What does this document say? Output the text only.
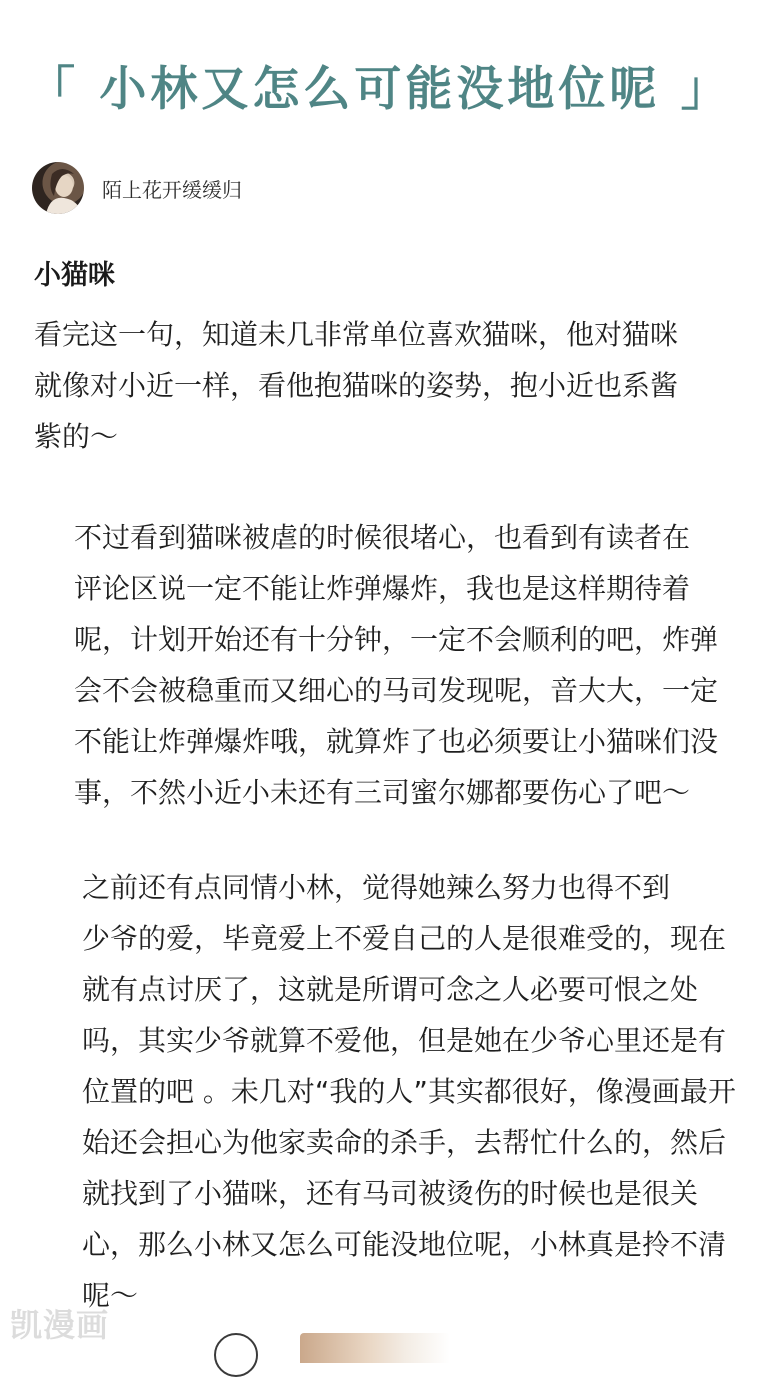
「 小林又怎么可能没地位呢 」
陌上花开缓缓归
小猫咪
看完这一句，知道未几非常单位喜欢猫咪，他对猫咪
就像对小近一样，看他抱猫咪的姿势，抱小近也系酱
紫的～
不过看到猫咪被虐的时候很堵心，也看到有读者在
评论区说一定不能让炸弹爆炸，我也是这样期待着
呢，计划开始还有十分钟，一定不会顺利的吧，炸弹
会不会被稳重而又细心的马司发现呢，音大大，一定
不能让炸弹爆炸哦，就算炸了也必须要让小猫咪们没
事，不然小近小未还有三司蜜尔娜都要伤心了吧～
之前还有点同情小林，觉得她辣么努力也得不到
少爷的爱，毕竟爱上不爱自己的人是很难受的，现在
就有点讨厌了，这就是所谓可念之人必要可恨之处
吗，其实少爷就算不爱他，但是她在少爷心里还是有
位置的吧 。未几对“我的人”其实都很好，像漫画最开
始还会担心为他家卖命的杀手，去帮忙什么的，然后
就找到了小猫咪，还有马司被烫伤的时候也是很关
心，那么小林又怎么可能没地位呢，小林真是拎不清
呢～
凯漫画
